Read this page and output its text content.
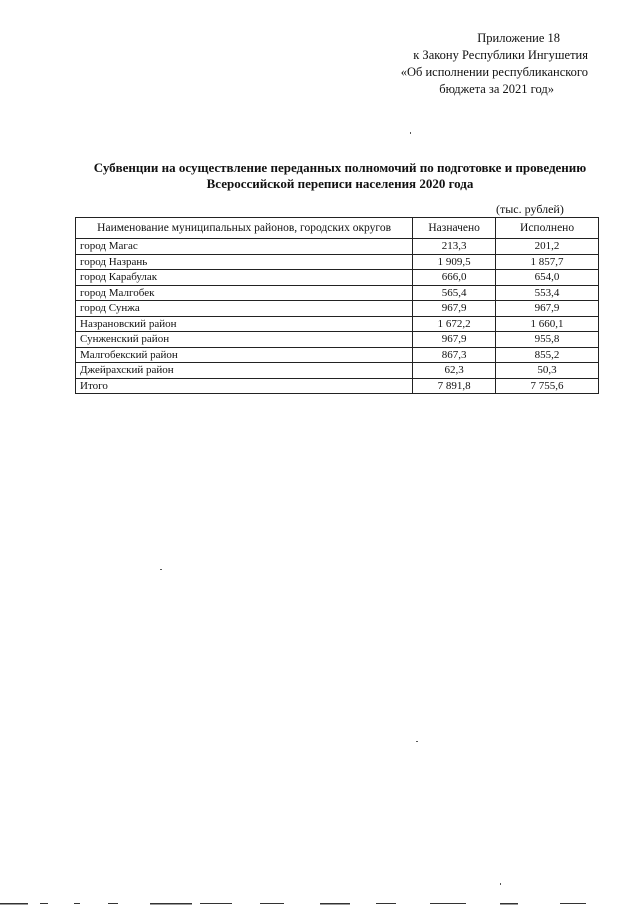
Приложение 18
к Закону Республики Ингушетия
«Об исполнении республиканского
бюджета за 2021 год»
Субвенции на осуществление переданных полномочий по подготовке и проведению
Всероссийской переписи населения 2020 года
(тыс. рублей)
Наименование муниципальных районов, городских округов	Назначено	Исполнено
город Магас	213,3	201,2
город Назрань	1 909,5	1 857,7
город Карабулак	666,0	654,0
город Малгобек	565,4	553,4
город Сунжа	967,9	967,9
Назрановский район	1 672,2	1 660,1
Сунженский район	967,9	955,8
Малгобекский район	867,3	855,2
Джейрахский район	62,3	50,3
Итого	7 891,8	7 755,6
